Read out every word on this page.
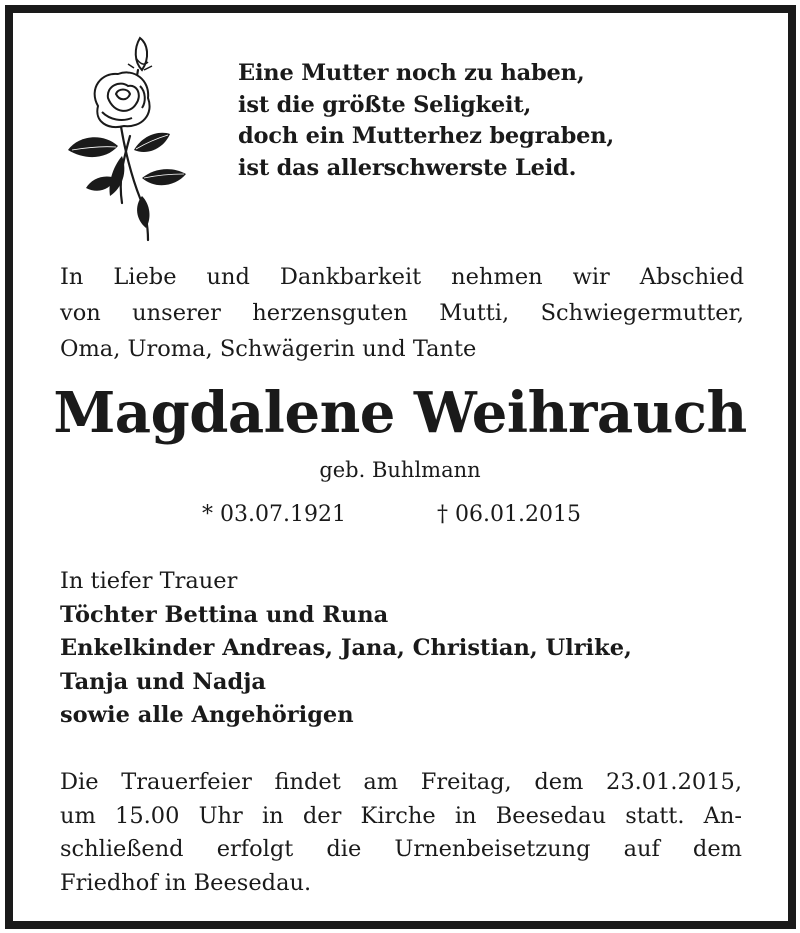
Eine Mutter noch zu haben,
ist die größte Seligkeit,
doch ein Mutterhez begraben,
ist das allerschwerste Leid.
In Liebe und Dankbarkeit nehmen wir Abschied
von unserer herzensguten Mutti, Schwiegermutter,
Oma, Uroma, Schwägerin und Tante
Magdalene Weihrauch
geb. Buhlmann
* 03.07.1921	† 06.01.2015
In tiefer Trauer
Töchter Bettina und Runa
Enkelkinder Andreas, Jana, Christian, Ulrike,
Tanja und Nadja
sowie alle Angehörigen
Die Trauerfeier findet am Freitag, dem 23.01.2015,
um 15.00 Uhr in der Kirche in Beesedau statt. An-
schließend erfolgt die Urnenbeisetzung auf dem
Friedhof in Beesedau.
